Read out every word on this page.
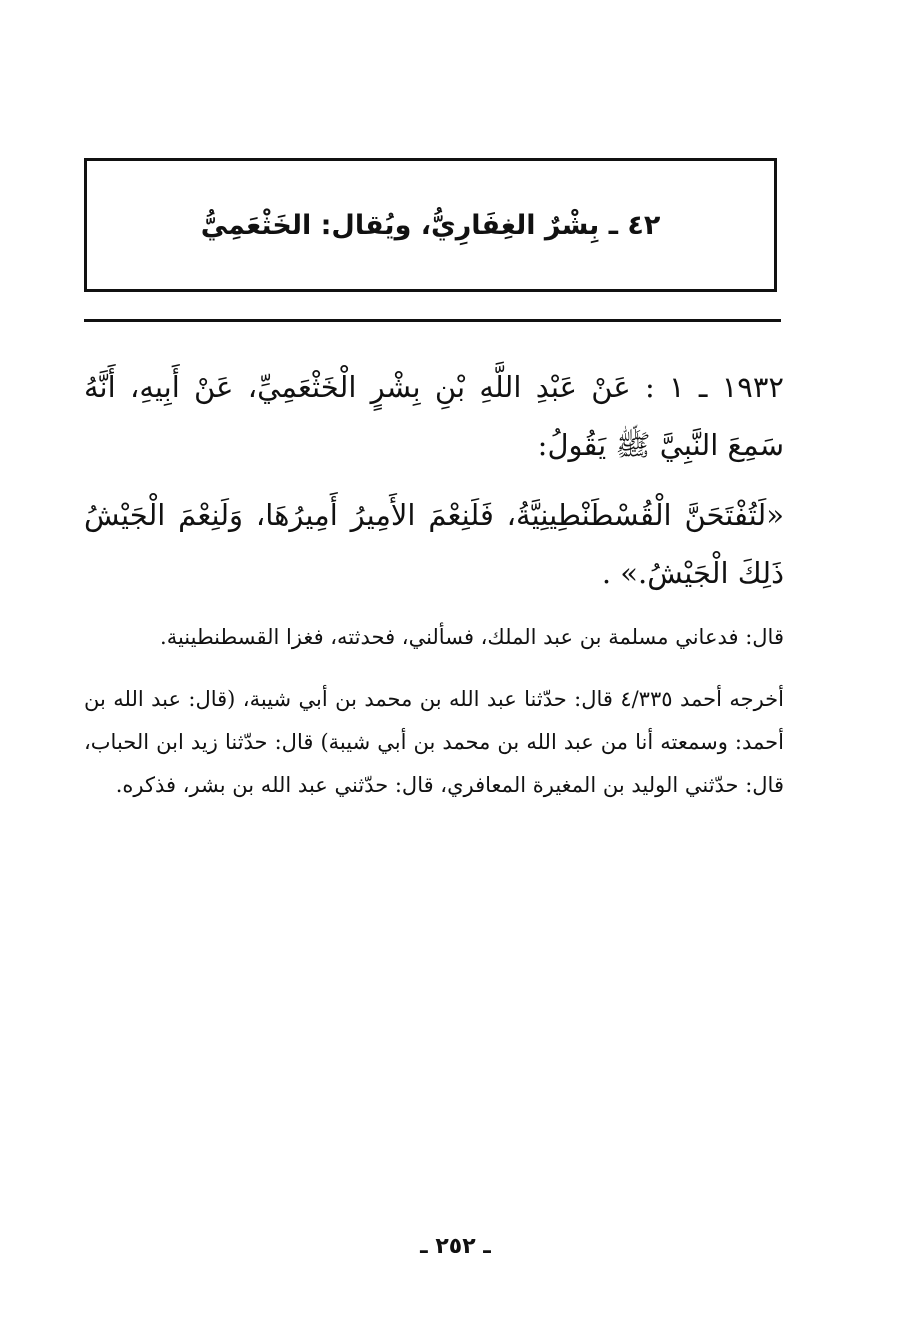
٤٢ ـ بِشْرٌ الغِفَارِيُّ، ويُقال: الخَثْعَمِيُّ

١٩٣٢ ـ ١ : عَنْ عَبْدِ اللَّهِ بْنِ بِشْرٍ الْخَثْعَمِيِّ، عَنْ أَبِيهِ، أَنَّهُ سَمِعَ النَّبِيَّ ﷺ يَقُولُ:

«لَتُفْتَحَنَّ الْقُسْطَنْطِينِيَّةُ، فَلَنِعْمَ الأَمِيرُ أَمِيرُهَا، وَلَنِعْمَ الْجَيْشُ ذَلِكَ الْجَيْشُ.» .

قال: فدعاني مسلمة بن عبد الملك، فسألني، فحدثته، فغزا القسطنطينية.

أخرجه أحمد ٤/٣٣٥ قال: حدّثنا عبد الله بن محمد بن أبي شيبة، (قال: عبد الله بن أحمد: وسمعته أنا من عبد الله بن محمد بن أبي شيبة) قال: حدّثنا زيد ابن الحباب، قال: حدّثني الوليد بن المغيرة المعافري، قال: حدّثني عبد الله بن بشر، فذكره.

ـ ٢٥٢ ـ
